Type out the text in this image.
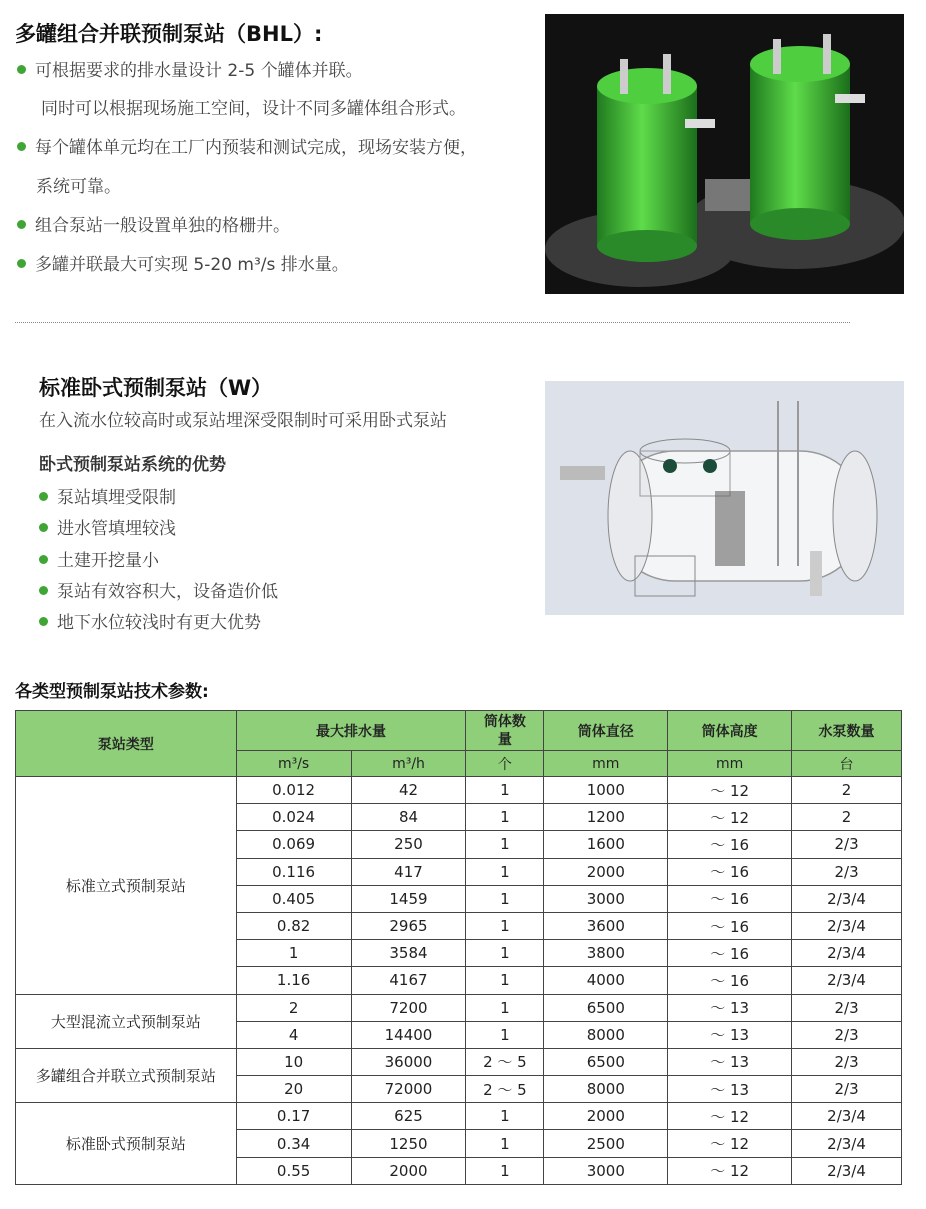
多罐组合并联预制泵站（BHL）:
可根据要求的排水量设计 2-5 个罐体并联。
同时可以根据现场施工空间，设计不同多罐体组合形式。
每个罐体单元均在工厂内预装和测试完成，现场安装方便，
系统可靠。
组合泵站一般设置单独的格栅井。
多罐并联最大可实现 5-20 m³/s 排水量。
标准卧式预制泵站（W）
在入流水位较高时或泵站埋深受限制时可采用卧式泵站
卧式预制泵站系统的优势
泵站填埋受限制
进水管填埋较浅
土建开挖量小
泵站有效容积大，设备造价低
地下水位较浅时有更大优势
各类型预制泵站技术参数:
泵站类型	最大排水量		筒体数量	筒体直径	筒体高度	水泵数量
	m³/s	m³/h	个	mm	mm	台
标准立式预制泵站	0.012	42	1	1000	～ 12	2
	0.024	84	1	1200	～ 12	2
	0.069	250	1	1600	～ 16	2/3
	0.116	417	1	2000	～ 16	2/3
	0.405	1459	1	3000	～ 16	2/3/4
	0.82	2965	1	3600	～ 16	2/3/4
	1	3584	1	3800	～ 16	2/3/4
	1.16	4167	1	4000	～ 16	2/3/4
大型混流立式预制泵站	2	7200	1	6500	～ 13	2/3
	4	14400	1	8000	～ 13	2/3
多罐组合并联立式预制泵站	10	36000	2 ～ 5	6500	～ 13	2/3
	20	72000	2 ～ 5	8000	～ 13	2/3
标准卧式预制泵站	0.17	625	1	2000	～ 12	2/3/4
	0.34	1250	1	2500	～ 12	2/3/4
	0.55	2000	1	3000	～ 12	2/3/4
